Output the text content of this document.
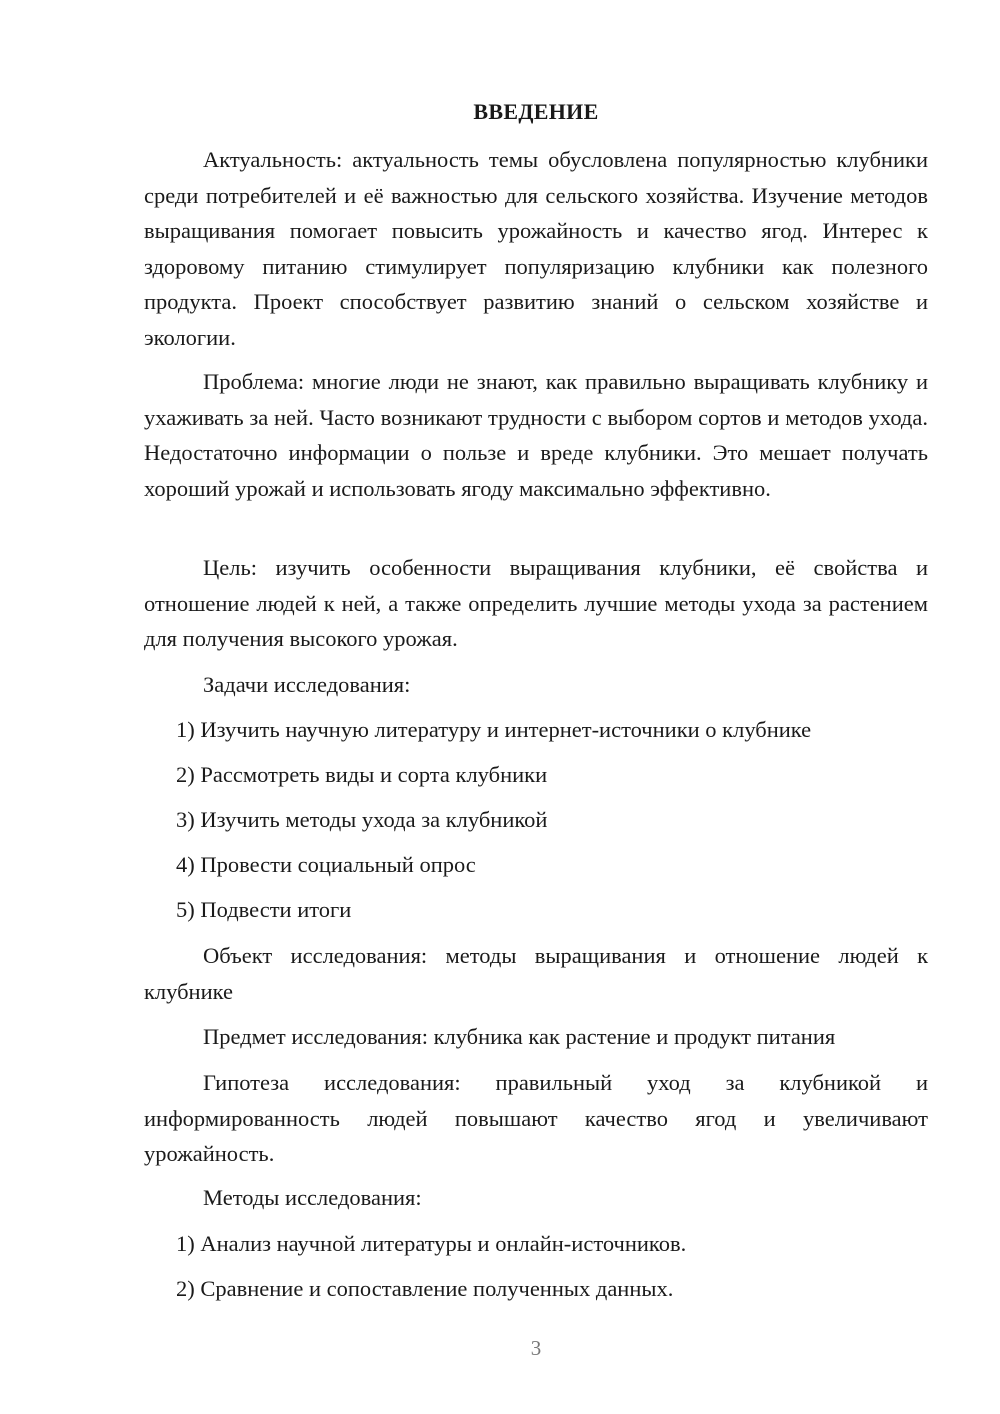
ВВЕДЕНИЕ

Актуальность: актуальность темы обусловлена популярностью клубники среди потребителей и её важностью для сельского хозяйства. Изучение методов выращивания помогает повысить урожайность и качество ягод. Интерес к здоровому питанию стимулирует популяризацию клубники как полезного продукта. Проект способствует развитию знаний о сельском хозяйстве и экологии.

Проблема: многие люди не знают, как правильно выращивать клубнику и ухаживать за ней. Часто возникают трудности с выбором сортов и методов ухода. Недостаточно информации о пользе и вреде клубники. Это мешает получать хороший урожай и использовать ягоду максимально эффективно.

Цель: изучить особенности выращивания клубники, её свойства и отношение людей к ней, а также определить лучшие методы ухода за растением для получения высокого урожая.

Задачи исследования:

1) Изучить научную литературу и интернет-источники о клубнике

2) Рассмотреть виды и сорта клубники

3) Изучить методы ухода за клубникой

4) Провести социальный опрос

5) Подвести итоги

Объект исследования: методы выращивания и отношение людей к клубнике

Предмет исследования: клубника как растение и продукт питания

Гипотеза исследования: правильный уход за клубникой и информированность людей повышают качество ягод и увеличивают урожайность.

Методы исследования:

1) Анализ научной литературы и онлайн-источников.

2) Сравнение и сопоставление полученных данных.

3
